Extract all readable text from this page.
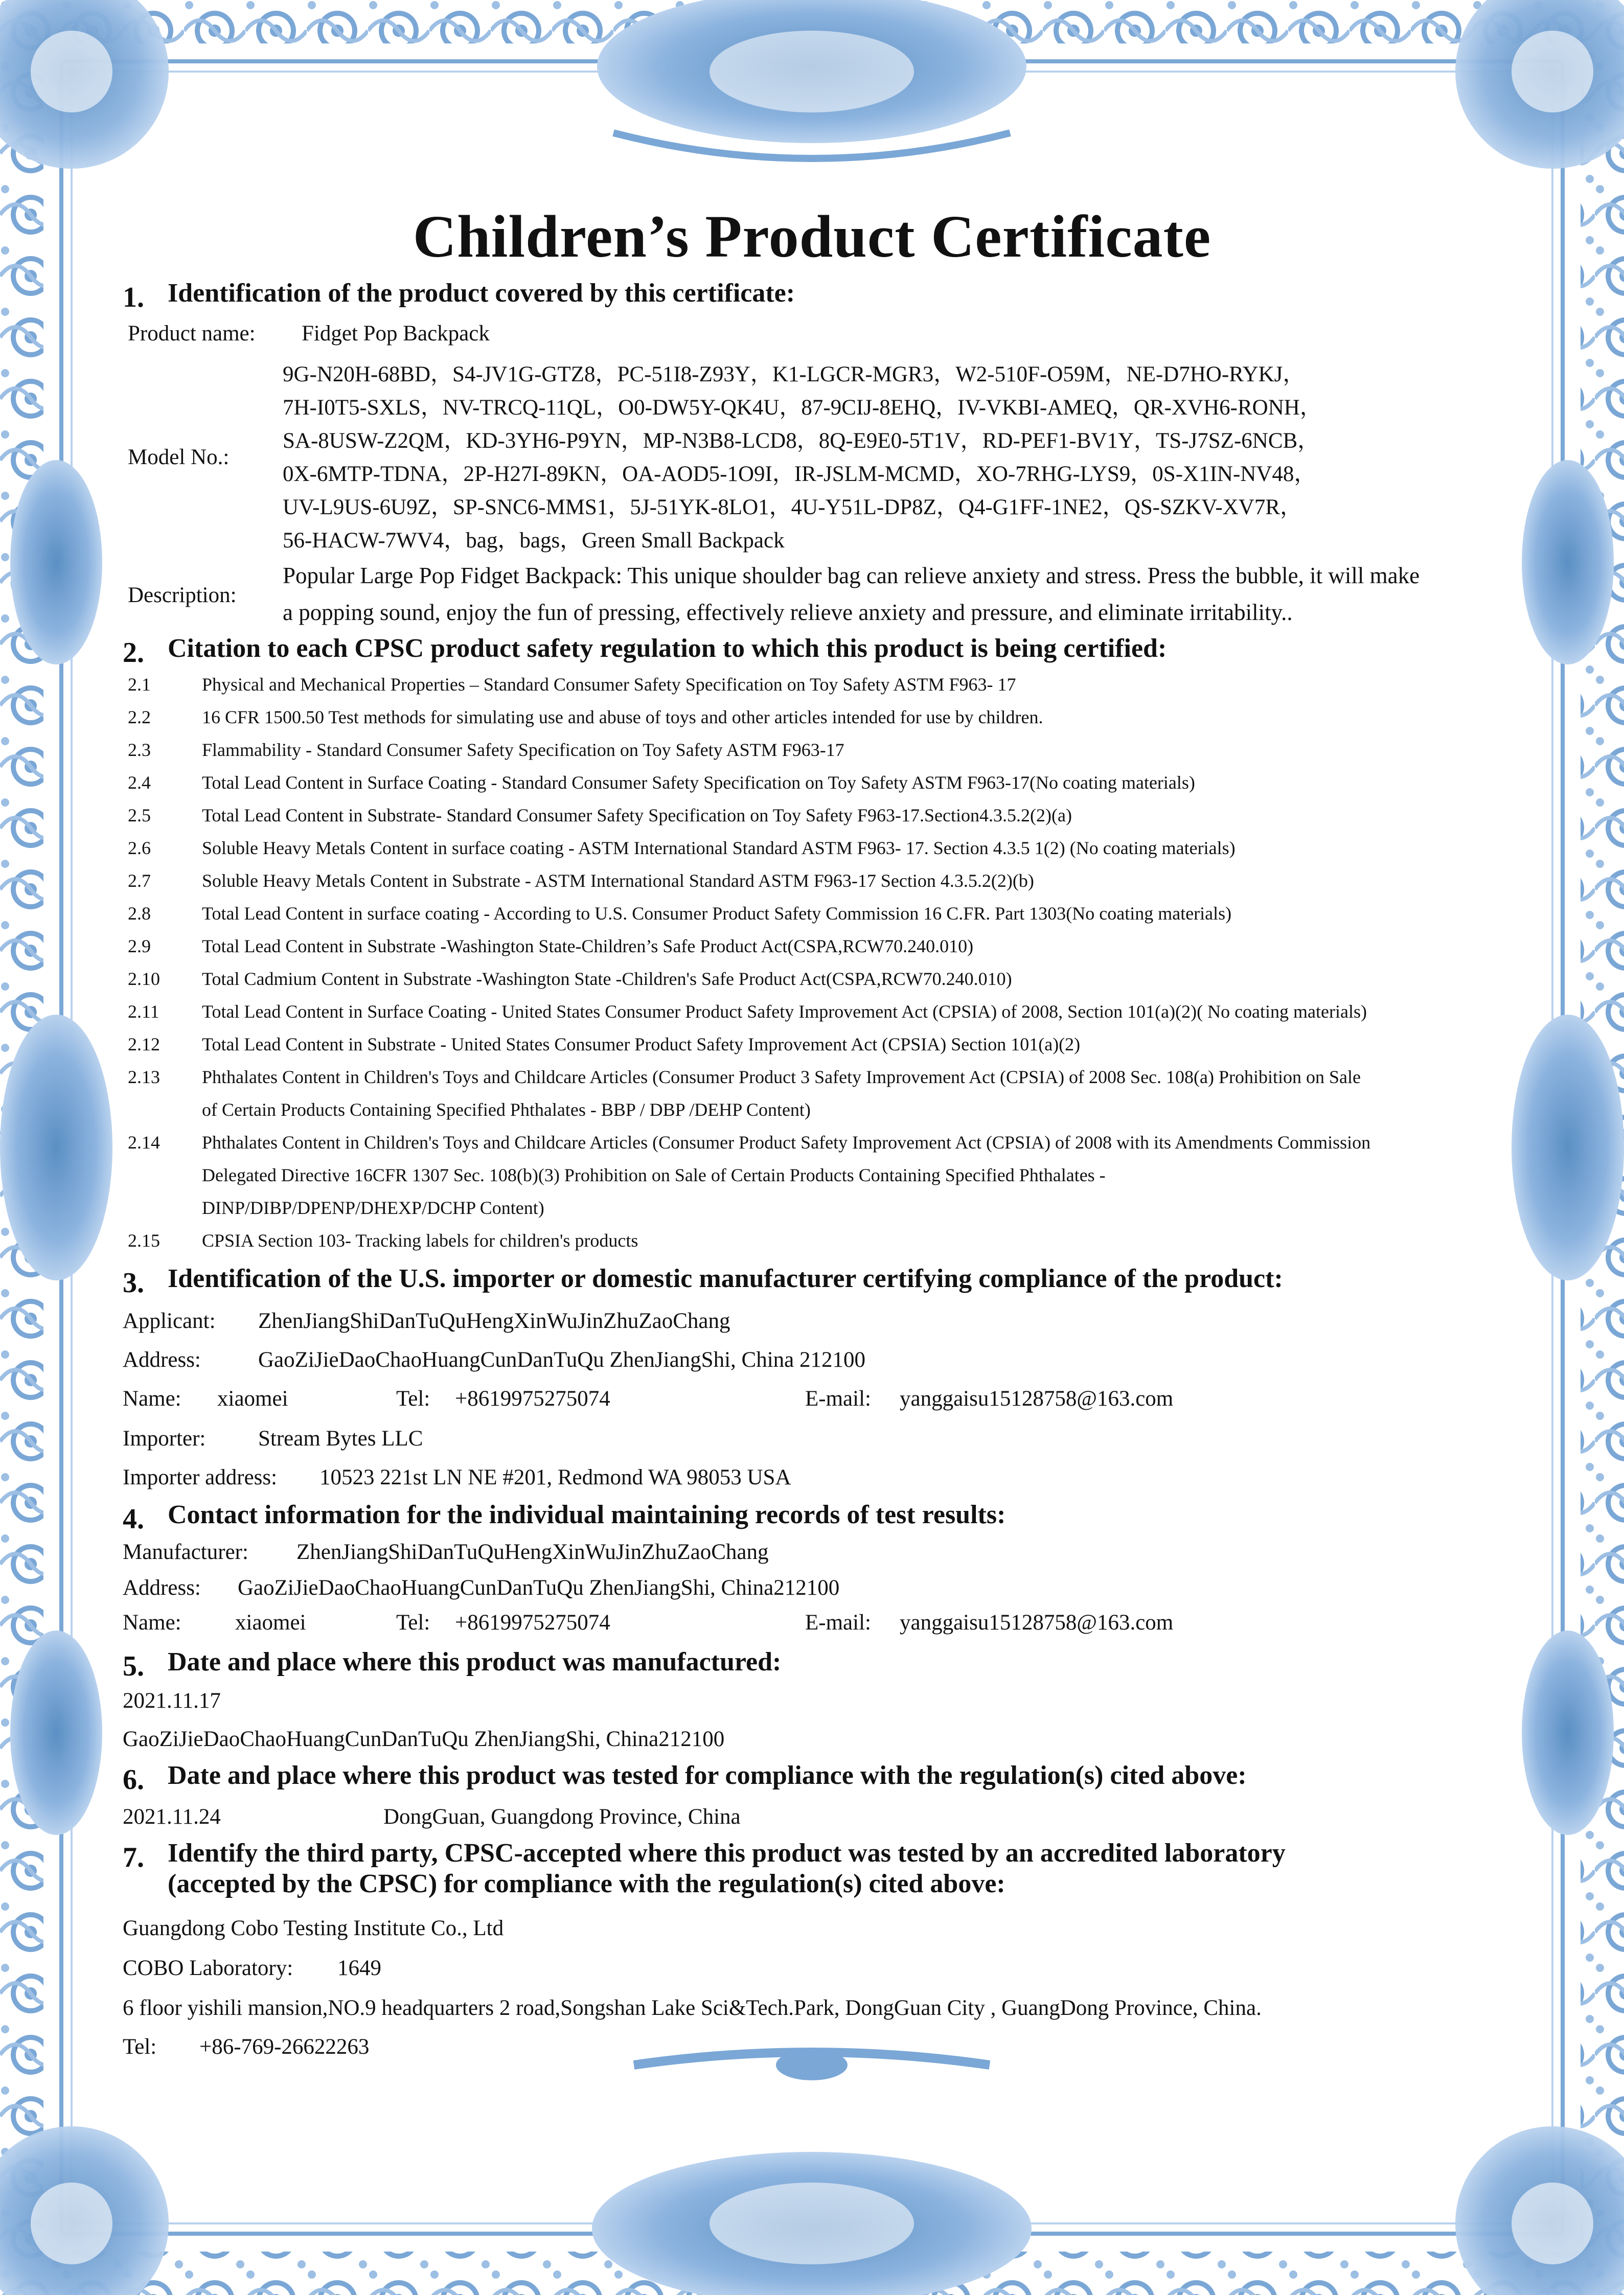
Children’s Product Certificate
1. Identification of the product covered by this certificate:
Product name: Fidget Pop Backpack
Model No.:
9G-N20H-68BD，S4-JV1G-GTZ8，PC-51I8-Z93Y，K1-LGCR-MGR3，W2-510F-O59M，NE-D7HO-RYKJ，
7H-I0T5-SXLS，NV-TRCQ-11QL，O0-DW5Y-QK4U，87-9CIJ-8EHQ，IV-VKBI-AMEQ，QR-XVH6-RONH，
SA-8USW-Z2QM，KD-3YH6-P9YN，MP-N3B8-LCD8，8Q-E9E0-5T1V，RD-PEF1-BV1Y，TS-J7SZ-6NCB，
0X-6MTP-TDNA，2P-H27I-89KN，OA-AOD5-1O9I，IR-JSLM-MCMD，XO-7RHG-LYS9，0S-X1IN-NV48，
UV-L9US-6U9Z，SP-SNC6-MMS1，5J-51YK-8LO1，4U-Y51L-DP8Z，Q4-G1FF-1NE2，QS-SZKV-XV7R，
56-HACW-7WV4，bag，bags，Green Small Backpack
Description:
Popular Large Pop Fidget Backpack: This unique shoulder bag can relieve anxiety and stress. Press the bubble, it will make
a popping sound, enjoy the fun of pressing, effectively relieve anxiety and pressure, and eliminate irritability..
2. Citation to each CPSC product safety regulation to which this product is being certified:
3. Identification of the U.S. importer or domestic manufacturer certifying compliance of the product:
Applicant: ZhenJiangShiDanTuQuHengXinWuJinZhuZaoChang
Address:	GaoZiJieDaoChaoHuangCunDanTuQu ZhenJiangShi, China 212100
Name: xiaomei	Tel: +8619975275074	E-mail: yanggaisu15128758@163.com
Importer: Stream Bytes LLC
Importer address: 10523 221st LN NE #201, Redmond WA 98053 USA
4. Contact information for the individual maintaining records of test results:
Manufacturer: ZhenJiangShiDanTuQuHengXinWuJinZhuZaoChang
Address: GaoZiJieDaoChaoHuangCunDanTuQu ZhenJiangShi, China212100
Name: xiaomei	Tel: +8619975275074	E-mail: yanggaisu15128758@163.com
5. Date and place where this product was manufactured:
2021.11.17
GaoZiJieDaoChaoHuangCunDanTuQu ZhenJiangShi, China212100
6. Date and place where this product was tested for compliance with the regulation(s) cited above:
2021.11.24	DongGuan, Guangdong Province, China
7. Identify the third party, CPSC-accepted where this product was tested by an accredited laboratory
(accepted by the CPSC) for compliance with the regulation(s) cited above:
Guangdong Cobo Testing Institute Co., Ltd
COBO Laboratory: 1649
6 floor yishili mansion,NO.9 headquarters 2 road,Songshan Lake Sci&Tech.Park, DongGuan City , GuangDong Province, China.
Tel: +86-769-26622263
2.1	Physical and Mechanical Properties – Standard Consumer Safety Specification on Toy Safety ASTM F963- 17
2.2	16 CFR 1500.50 Test methods for simulating use and abuse of toys and other articles intended for use by children.
2.3	Flammability - Standard Consumer Safety Specification on Toy Safety ASTM F963-17
2.4	Total Lead Content in Surface Coating - Standard Consumer Safety Specification on Toy Safety ASTM F963-17(No coating materials)
2.5	Total Lead Content in Substrate- Standard Consumer Safety Specification on Toy Safety F963-17.Section4.3.5.2(2)(a)
2.6	Soluble Heavy Metals Content in surface coating - ASTM International Standard ASTM F963- 17. Section 4.3.5 1(2) (No coating materials)
2.7	Soluble Heavy Metals Content in Substrate - ASTM International Standard ASTM F963-17 Section 4.3.5.2(2)(b)
2.8	Total Lead Content in surface coating - According to U.S. Consumer Product Safety Commission 16 C.FR. Part 1303(No coating materials)
2.9	Total Lead Content in Substrate -Washington State-Children’s Safe Product Act(CSPA,RCW70.240.010)
2.10 Total Cadmium Content in Substrate -Washington State -Children's Safe Product Act(CSPA,RCW70.240.010)
2.11 Total Lead Content in Surface Coating - United States Consumer Product Safety Improvement Act (CPSIA) of 2008, Section 101(a)(2)( No coating materials)
2.12 Total Lead Content in Substrate - United States Consumer Product Safety Improvement Act (CPSIA) Section 101(a)(2)
2.13 Phthalates Content in Children's Toys and Childcare Articles (Consumer Product 3 Safety Improvement Act (CPSIA) of 2008 Sec. 108(a) Prohibition on Sale
of Certain Products Containing Specified Phthalates - BBP / DBP /DEHP Content)
2.14 Phthalates Content in Children's Toys and Childcare Articles (Consumer Product Safety Improvement Act (CPSIA) of 2008 with its Amendments Commission
Delegated Directive 16CFR 1307 Sec. 108(b)(3) Prohibition on Sale of Certain Products Containing Specified Phthalates -
DINP/DIBP/DPENP/DHEXP/DCHP Content)
2.15 CPSIA Section 103- Tracking labels for children's products
